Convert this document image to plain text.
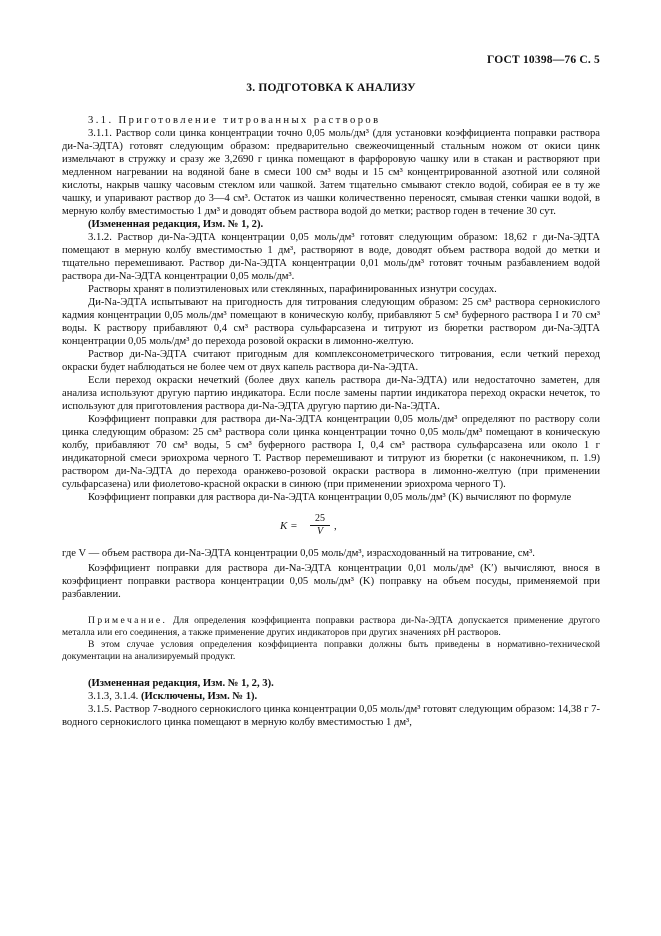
ГОСТ 10398—76 С. 5
3. ПОДГОТОВКА К АНАЛИЗУ

3.1. Приготовление титрованных растворов

3.1.1. Раствор соли цинка концентрации точно 0,05 моль/дм³ (для установки коэффициента поправки раствора ди-Na-ЭДТА) готовят следующим образом: предварительно свежеочищенный стальным ножом от окиси цинк измельчают в стружку и сразу же 3,2690 г цинка помещают в фарфоровую чашку или в стакан и растворяют при медленном нагревании на водяной бане в смеси 100 см³ воды и 15 см³ концентрированной азотной или соляной кислоты, накрыв чашку часовым стеклом или чашкой. Затем тщательно смывают стекло водой, собирая ее в ту же чашку, и упаривают раствор до 3—4 см³. Остаток из чашки количественно переносят, смывая стенки чашки водой, в мерную колбу вместимостью 1 дм³ и доводят объем раствора водой до метки; раствор годен в течение 30 сут.

(Измененная редакция, Изм. № 1, 2).

3.1.2. Раствор ди-Na-ЭДТА концентрации 0,05 моль/дм³ готовят следующим образом: 18,62 г ди-Na-ЭДТА помещают в мерную колбу вместимостью 1 дм³, растворяют в воде, доводят объем раствора водой до метки и тщательно перемешивают. Раствор ди-Na-ЭДТА концентрации 0,01 моль/дм³ готовят точным разбавлением водой раствора ди-Na-ЭДТА концентрации 0,05 моль/дм³.

Растворы хранят в полиэтиленовых или стеклянных, парафинированных изнутри сосудах.

Ди-Na-ЭДТА испытывают на пригодность для титрования следующим образом: 25 см³ раствора сернокислого кадмия концентрации 0,05 моль/дм³ помещают в коническую колбу, прибавляют 5 см³ буферного раствора I и 70 см³ воды. К раствору прибавляют 0,4 см³ раствора сульфарсазена и титруют из бюретки раствором ди-Na-ЭДТА концентрации 0,05 моль/дм³ до перехода розовой окраски в лимонно-желтую.

Раствор ди-Na-ЭДТА считают пригодным для комплексонометрического титрования, если четкий переход окраски будет наблюдаться не более чем от двух капель раствора ди-Na-ЭДТА.

Если переход окраски нечеткий (более двух капель раствора ди-Na-ЭДТА) или недостаточно заметен, для анализа используют другую партию индикатора. Если после замены партии индикатора переход окраски нечеток, то используют для приготовления раствора ди-Na-ЭДТА другую партию ди-Na-ЭДТА.

Коэффициент поправки для раствора ди-Na-ЭДТА концентрации 0,05 моль/дм³ определяют по раствору соли цинка следующим образом: 25 см³ раствора соли цинка концентрации точно 0,05 моль/дм³ помещают в коническую колбу, прибавляют 70 см³ воды, 5 см³ буферного раствора I, 0,4 см³ раствора сульфарсазена или около 1 г индикаторной смеси эриохрома черного Т. Раствор перемешивают и титруют из бюретки (с наконечником, п. 1.9) раствором ди-Na-ЭДТА до перехода оранжево-розовой окраски раствора в лимонно-желтую (при применении сульфарсазена) или фиолетово-красной окраски в синюю (при применении эриохрома черного Т).

Коэффициент поправки для раствора ди-Na-ЭДТА концентрации 0,05 моль/дм³ (K) вычисляют по формуле

$K = \frac{25}{V}$ ,
где V — объем раствора ди-Na-ЭДТА концентрации 0,05 моль/дм³, израсходованный на титрование, см³.

Коэффициент поправки для раствора ди-Na-ЭДТА концентрации 0,01 моль/дм³ (K′) вычисляют, внося в коэффициент поправки раствора концентрации 0,05 моль/дм³ (K) поправку на объем посуды, применяемой при разбавлении.

Примечание. Для определения коэффициента поправки раствора ди-Na-ЭДТА допускается применение другого металла или его соединения, а также применение других индикаторов при других значениях pH растворов.

В этом случае условия определения коэффициента поправки должны быть приведены в нормативно-технической документации на анализируемый продукт.

(Измененная редакция, Изм. № 1, 2, 3).

3.1.3, 3.1.4. (Исключены, Изм. № 1).

3.1.5. Раствор 7-водного сернокислого цинка концентрации 0,05 моль/дм³ готовят следующим образом: 14,38 г 7-водного сернокислого цинка помещают в мерную колбу вместимостью 1 дм³,
